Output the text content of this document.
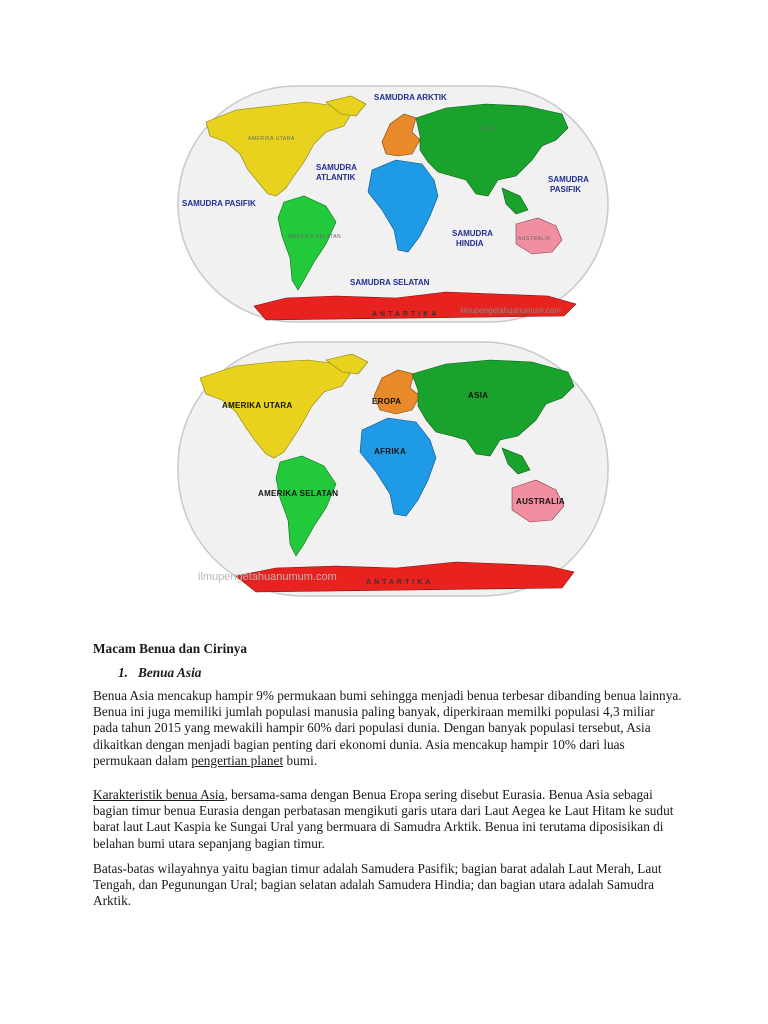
SAMUDRA ARKTIK
SAMUDRA
ATLANTIK
SAMUDRA PASIFIK
SAMUDRA
PASIFIK
SAMUDRA
HINDIA
SAMUDRA SELATAN
AMERIKA UTARA
AMERIKA SELATAN
ASIA
AUSTRALIA
ANTARTIKA	ilmupengetahuanumum.com
AMERIKA UTARA
AMERIKA SELATAN
EROPA
ASIA
AFRIKA
AUSTRALIA
ANTARTIKA
ilmupengetahuanumum.com
Macam Benua dan Cirinya
1. Benua Asia

Benua Asia mencakup hampir 9% permukaan bumi sehingga menjadi benua terbesar dibanding benua lainnya. Benua ini juga memiliki jumlah populasi manusia paling banyak, diperkiraan memilki populasi 4,3 miliar pada tahun 2015 yang mewakili hampir 60% dari populasi dunia. Dengan banyak populasi tersebut, Asia dikaitkan dengan menjadi bagian penting dari ekonomi dunia. Asia mencakup hampir 10% dari luas permukaan dalam pengertian planet bumi.

Karakteristik benua Asia, bersama-sama dengan Benua Eropa sering disebut Eurasia. Benua Asia sebagai bagian timur benua Eurasia dengan perbatasan mengikuti garis utara dari Laut Aegea ke Laut Hitam ke sudut barat laut Laut Kaspia ke Sungai Ural yang bermuara di Samudra Arktik. Benua ini terutama diposisikan di belahan bumi utara sepanjang bagian timur.

Batas-batas wilayahnya yaitu bagian timur adalah Samudera Pasifik; bagian barat adalah Laut Merah, Laut Tengah, dan Pegunungan Ural; bagian selatan adalah Samudera Hindia; dan bagian utara adalah Samudra Arktik.
